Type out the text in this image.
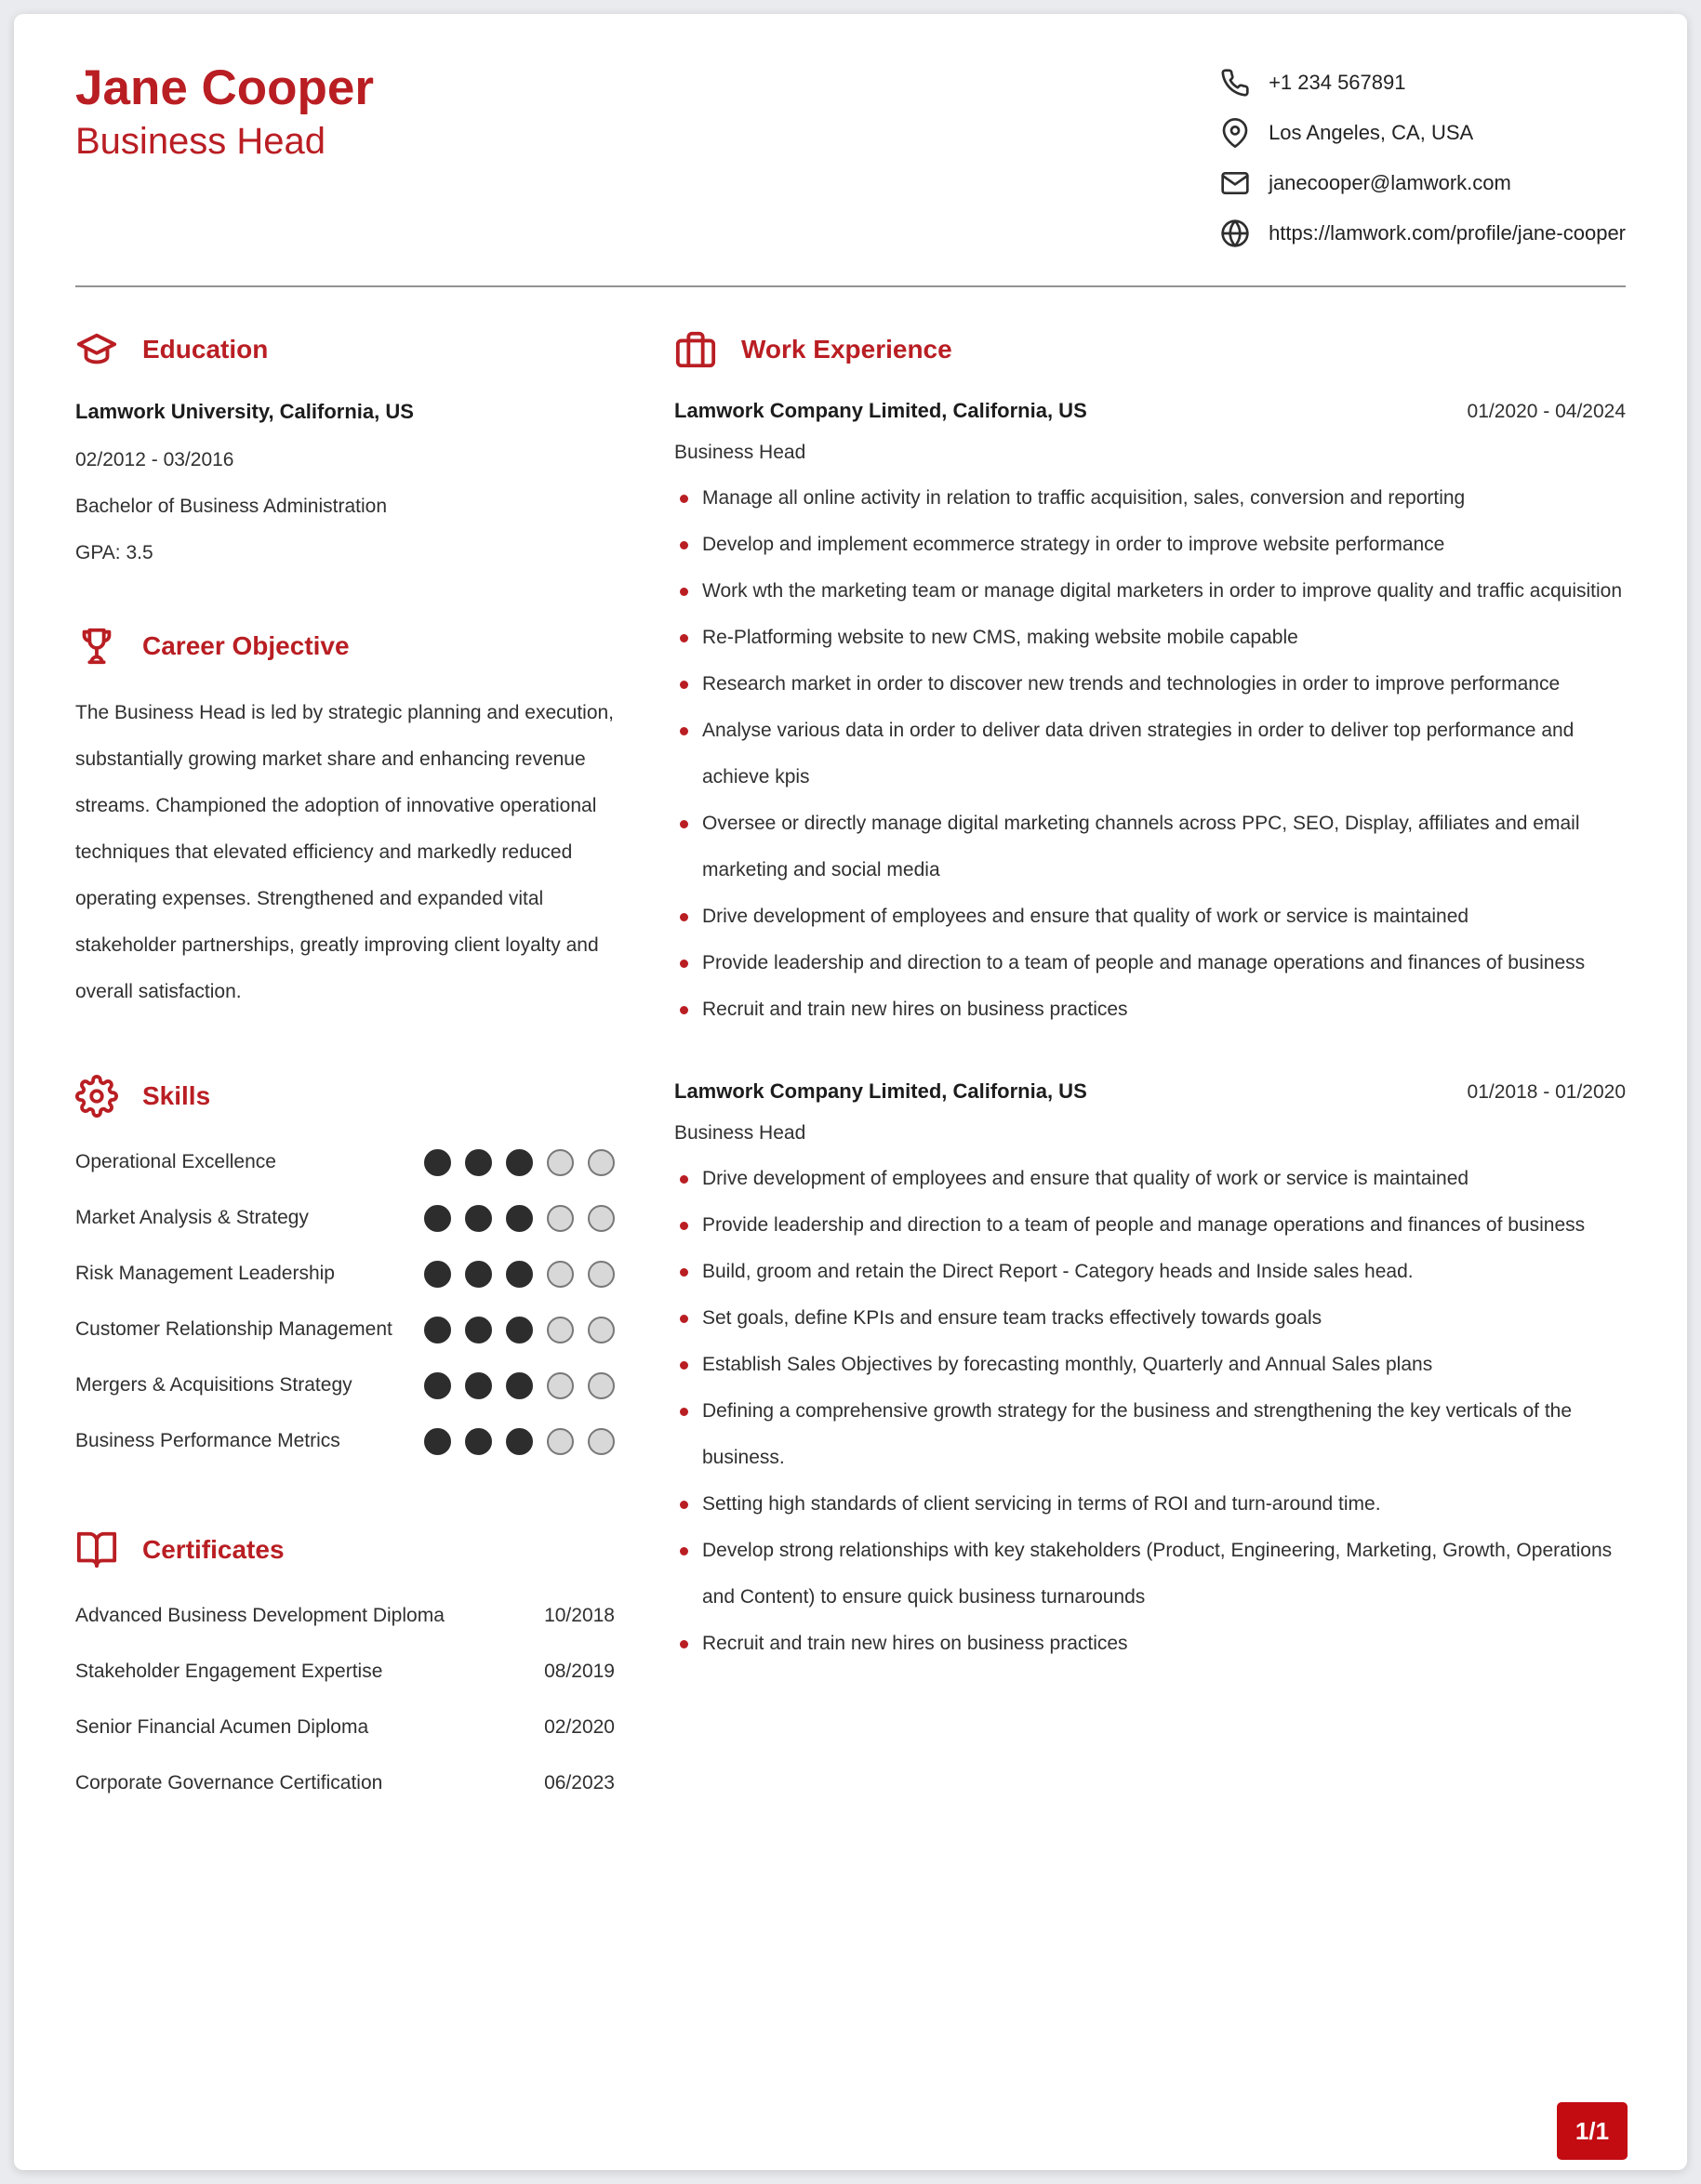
Jane Cooper
Business Head
+1 234 567891
Los Angeles, CA, USA
janecooper@lamwork.com
https://lamwork.com/profile/jane-cooper
Education
Lamwork University, California, US
02/2012 - 03/2016
Bachelor of Business Administration
GPA: 3.5
Career Objective

The Business Head is led by strategic planning and execution, substantially growing market share and enhancing revenue streams. Championed the adoption of innovative operational techniques that elevated efficiency and markedly reduced operating expenses. Strengthened and expanded vital stakeholder partnerships, greatly improving client loyalty and overall satisfaction.

Skills
Operational Excellence
Market Analysis & Strategy
Risk Management Leadership
Customer Relationship Management
Mergers & Acquisitions Strategy
Business Performance Metrics
Certificates
Advanced Business Development Diploma	10/2018
Stakeholder Engagement Expertise	08/2019
Senior Financial Acumen Diploma	02/2020
Corporate Governance Certification	06/2023
Work Experience
Lamwork Company Limited, California, US	01/2020 - 04/2024
Business Head
Manage all online activity in relation to traffic acquisition, sales, conversion and reporting
Develop and implement ecommerce strategy in order to improve website performance
Work wth the marketing team or manage digital marketers in order to improve quality and traffic acquisition
Re-Platforming website to new CMS, making website mobile capable
Research market in order to discover new trends and technologies in order to improve performance
Analyse various data in order to deliver data driven strategies in order to deliver top performance and achieve kpis
Oversee or directly manage digital marketing channels across PPC, SEO, Display, affiliates and email marketing and social media
Drive development of employees and ensure that quality of work or service is maintained
Provide leadership and direction to a team of people and manage operations and finances of business
Recruit and train new hires on business practices
Lamwork Company Limited, California, US	01/2018 - 01/2020
Business Head
Drive development of employees and ensure that quality of work or service is maintained
Provide leadership and direction to a team of people and manage operations and finances of business
Build, groom and retain the Direct Report - Category heads and Inside sales head.
Set goals, define KPIs and ensure team tracks effectively towards goals
Establish Sales Objectives by forecasting monthly, Quarterly and Annual Sales plans
Defining a comprehensive growth strategy for the business and strengthening the key verticals of the business.
Setting high standards of client servicing in terms of ROI and turn-around time.
Develop strong relationships with key stakeholders (Product, Engineering, Marketing, Growth, Operations and Content) to ensure quick business turnarounds
Recruit and train new hires on business practices
1/1
